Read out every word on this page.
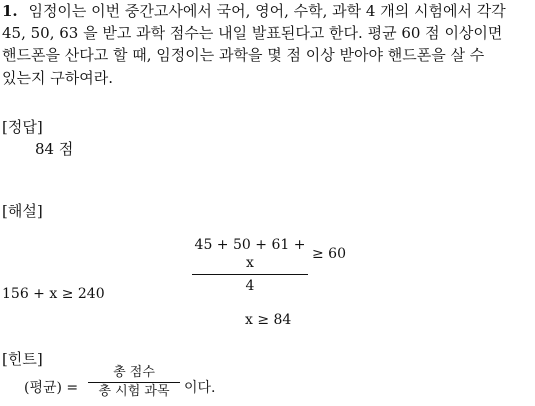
1. 임정이는 이번 중간고사에서 국어, 영어, 수학, 과학 4 개의 시험에서 각각
45, 50, 63 을 받고 과학 점수는 내일 발표된다고 한다. 평균 60 점 이상이면
핸드폰을 산다고 할 때, 임정이는 과학을 몇 점 이상 받아야 핸드폰을 살 수
있는지 구하여라.
[정답]
84 점
[해설]
45 + 50 + 61 + x
4
≥ 60
156 + x ≥ 240
x ≥ 84
[힌트]
(평균) =
총 점수
총 시험 과목	이다.
